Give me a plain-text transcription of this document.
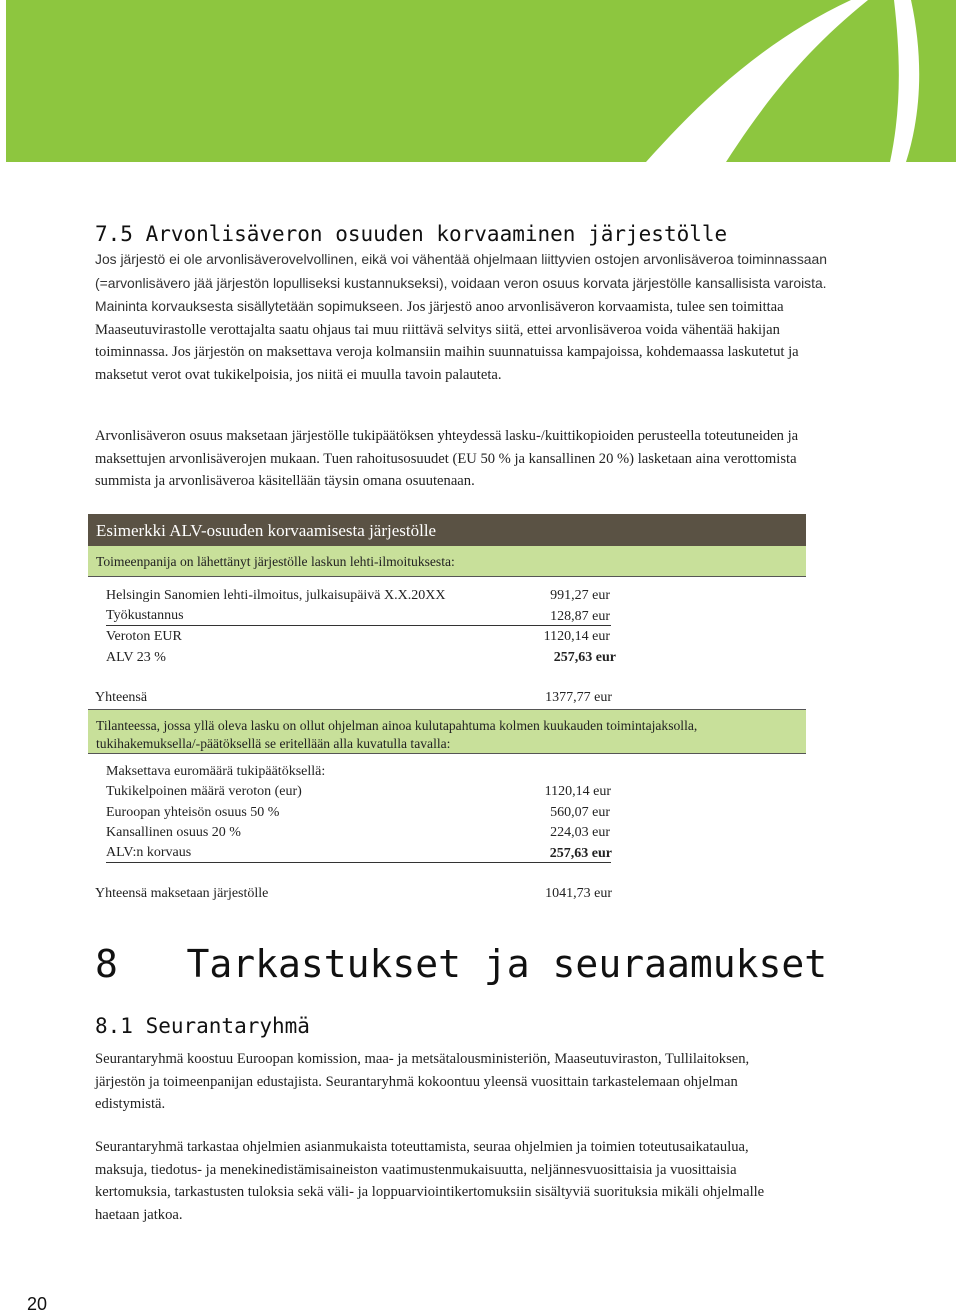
7.5 Arvonlisäveron osuuden korvaaminen järjestölle

Jos järjestö ei ole arvonlisäverovelvollinen, eikä voi vähentää ohjelmaan liittyvien ostojen arvonlisäveroa toiminnassaan (=arvonlisävero jää järjestön lopulliseksi kustannukseksi), voidaan veron osuus korvata järjestölle kansallisista varoista. Maininta korvauksesta sisällytetään sopimukseen. Jos järjestö anoo arvonlisäveron korvaamista, tulee sen toimittaa Maaseutuvirastolle verottajalta saatu ohjaus tai muu riittävä selvitys siitä, ettei arvonlisäveroa voida vähentää hakijan toiminnassa. Jos järjestön on maksettava veroja kolmansiin maihin suunnatuissa kampajoissa, kohdemaassa laskutetut ja maksetut verot ovat tukikelpoisia, jos niitä ei muulla tavoin palauteta.

Arvonlisäveron osuus maksetaan järjestölle tukipäätöksen yhteydessä lasku-/kuittikopioiden perusteella toteutuneiden ja maksettujen arvonlisäverojen mukaan. Tuen rahoitusosuudet (EU 50 % ja kansallinen 20 %) lasketaan aina verottomista summista ja arvonlisäveroa käsitellään täysin omana osuutenaan.

Esimerkki ALV-osuuden korvaamisesta järjestölle
Toimeenpanija on lähettänyt järjestölle laskun lehti-ilmoituksesta:
Helsingin Sanomien lehti-ilmoitus, julkaisupäivä X.X.20XX	991,27 eur
Työkustannus	128,87 eur
Veroton EUR	1120,14 eur
ALV 23 %	257,63 eur
Yhteensä	1377,77 eur
Tilanteessa, jossa yllä oleva lasku on ollut ohjelman ainoa kulutapahtuma kolmen kuukauden toimintajaksolla, tukihakemuksella/-päätöksellä se eritellään alla kuvatulla tavalla:
Maksettava euromäärä tukipäätöksellä:
Tukikelpoinen määrä veroton (eur)	1120,14 eur
Euroopan yhteisön osuus 50 %	560,07 eur
Kansallinen osuus 20 %	224,03 eur
ALV:n korvaus	257,63 eur
Yhteensä maksetaan järjestölle	1041,73 eur
8   Tarkastukset ja seuraamukset
8.1 Seurantaryhmä

Seurantaryhmä koostuu Euroopan komission, maa- ja metsätalousministeriön, Maaseutuviraston, Tullilaitoksen, järjestön ja toimeenpanijan edustajista. Seurantaryhmä kokoontuu yleensä vuosittain tarkastelemaan ohjelman edistymistä.

Seurantaryhmä tarkastaa ohjelmien asianmukaista toteuttamista, seuraa ohjelmien ja toimien toteutusaikataulua, maksuja, tiedotus- ja menekinedistämisaineiston vaatimustenmukaisuutta, neljännesvuosittaisia ja vuosittaisia kertomuksia, tarkastusten tuloksia sekä väli- ja loppuarviointikertomuksiin sisältyviä suorituksia mikäli ohjelmalle haetaan jatkoa.

20
